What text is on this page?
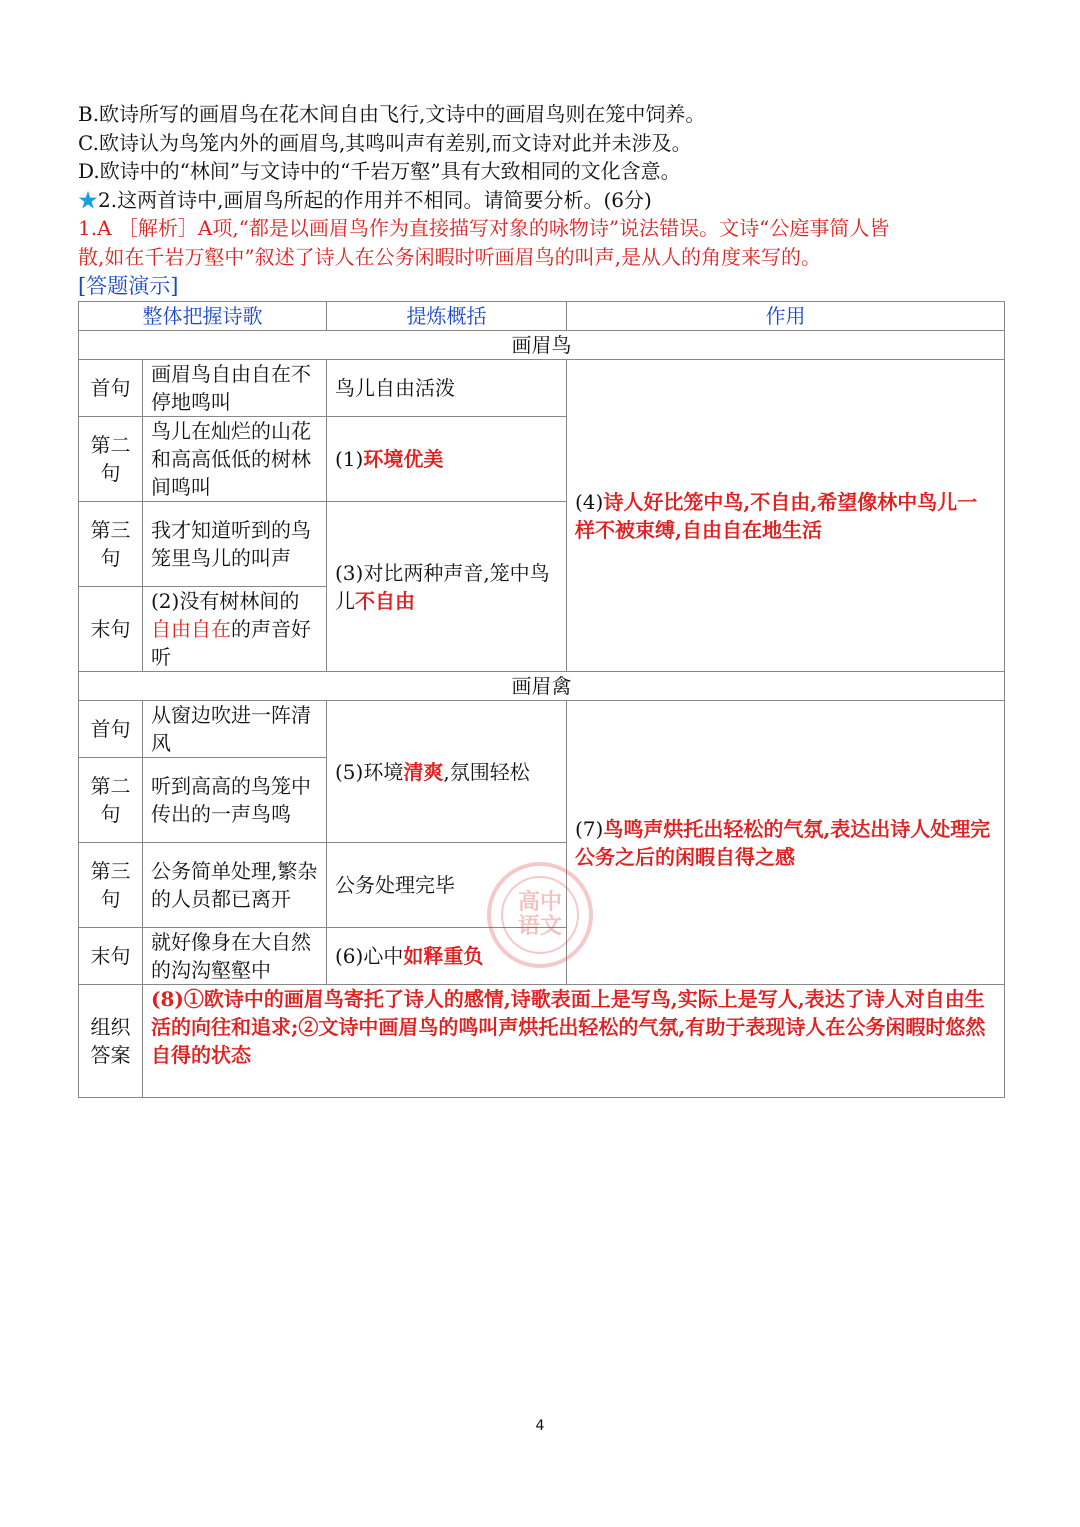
B.欧诗所写的画眉鸟在花木间自由飞行,文诗中的画眉鸟则在笼中饲养。
C.欧诗认为鸟笼内外的画眉鸟,其鸣叫声有差别,而文诗对此并未涉及。
D.欧诗中的“林间”与文诗中的“千岩万壑”具有大致相同的文化含意。
★2.这两首诗中,画眉鸟所起的作用并不相同。请简要分析。(6分)
1.A ［解析］A项,“都是以画眉鸟作为直接描写对象的咏物诗”说法错误。文诗“公庭事简人皆
散,如在千岩万壑中”叙述了诗人在公务闲暇时听画眉鸟的叫声,是从人的角度来写的。
[答题演示]
整体把握诗歌		提炼概括	作用
画眉鸟			
首句	画眉鸟自由自在不停地鸣叫	鸟儿自由活泼	(4)诗人好比笼中鸟,不自由,希望像林中鸟儿一样不被束缚,自由自在地生活
第二句	鸟儿在灿烂的山花和高高低低的树林间鸣叫	(1)环境优美	
第三句	我才知道听到的鸟笼里鸟儿的叫声	(3)对比两种声音,笼中鸟儿不自由	
末句	(2)没有树林间的自由自在的声音好听		
画眉禽			
首句	从窗边吹进一阵清风	(5)环境清爽,氛围轻松	(7)鸟鸣声烘托出轻松的气氛,表达出诗人处理完公务之后的闲暇自得之感
第二句	听到高高的鸟笼中传出的一声鸟鸣		
第三句	公务简单处理,繁杂的人员都已离开	公务处理完毕	
末句	就好像身在大自然的沟沟壑壑中	(6)心中如释重负	
组织答案	(8)①欧诗中的画眉鸟寄托了诗人的感情,诗歌表面上是写鸟,实际上是写人,表达了诗人对自由生活的向往和追求;②文诗中画眉鸟的鸣叫声烘托出轻松的气氛,有助于表现诗人在公务闲暇时悠然自得的状态		
高中
语文
4
